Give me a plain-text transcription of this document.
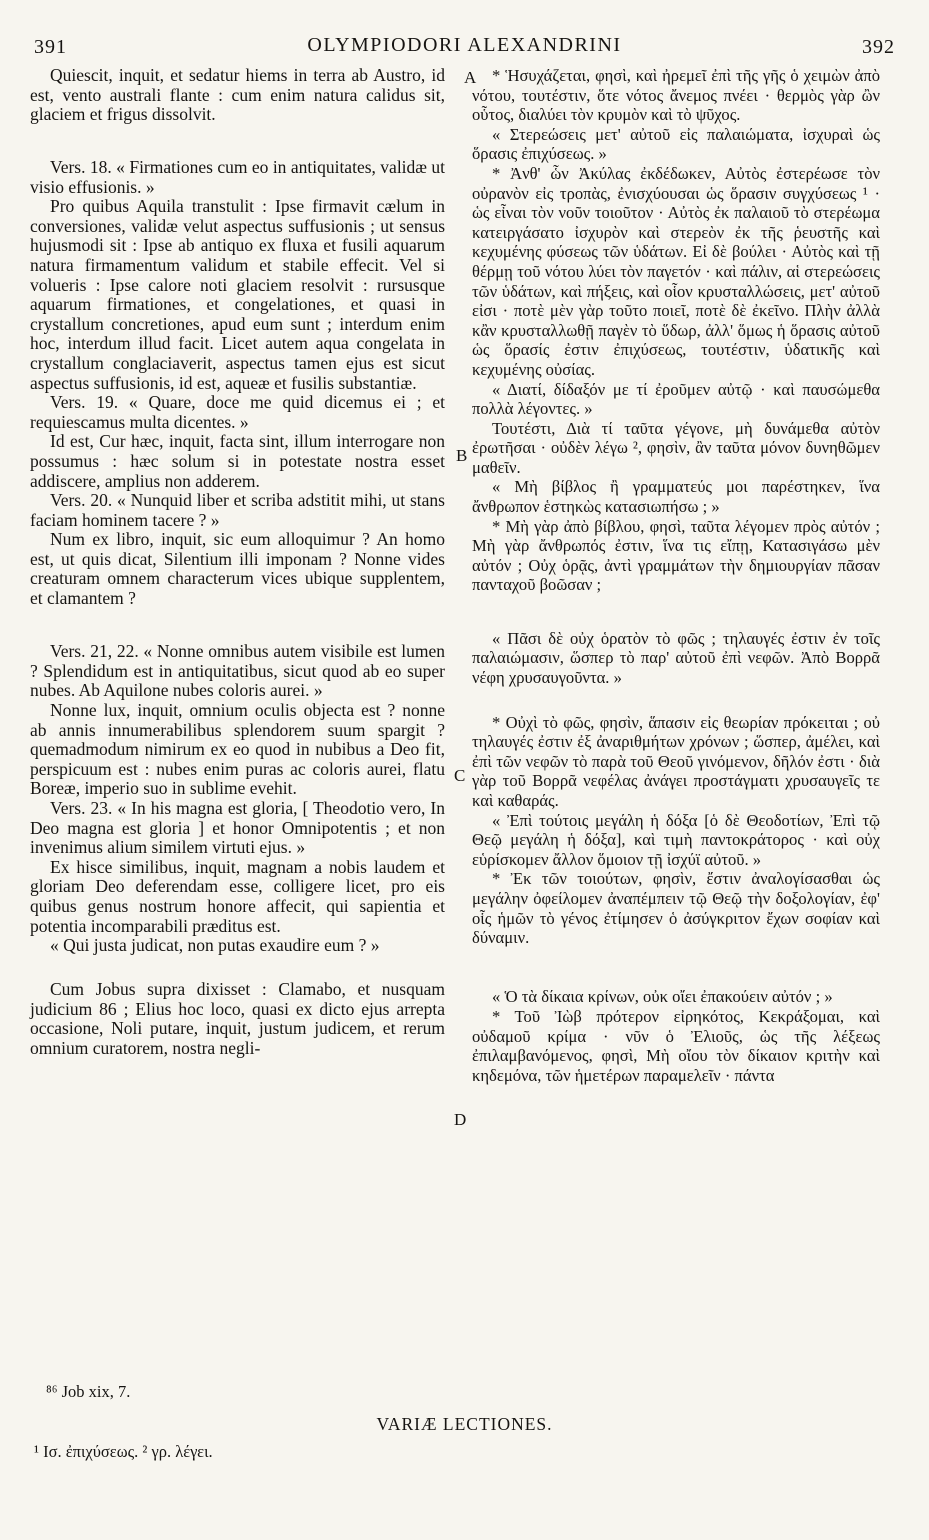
391	OLYMPIODORI ALEXANDRINI	392

Quiescit, inquit, et sedatur hiems in terra ab Austro, id est, vento australi flante : cum enim natura calidus sit, glaciem et frigus dissolvit.

Vers. 18. « Firmationes cum eo in antiquitates, validæ ut visio effusionis. »

Pro quibus Aquila transtulit : Ipse firmavit cælum in conversiones, validæ velut aspectus suffusionis ; ut sensus hujusmodi sit : Ipse ab antiquo ex fluxa et fusili aquarum natura firmamentum validum et stabile effecit. Vel si volueris : Ipse calore noti glaciem resolvit : rursusque aquarum firmationes, et congelationes, et quasi in crystallum concretiones, apud eum sunt ; interdum enim hoc, interdum illud facit. Licet autem aqua congelata in crystallum conglaciaverit, aspectus tamen ejus est sicut aspectus suffusionis, id est, aqueæ et fusilis substantiæ.

Vers. 19. « Quare, doce me quid dicemus ei ; et requiescamus multa dicentes. »

Id est, Cur hæc, inquit, facta sint, illum interrogare non possumus : hæc solum si in potestate nostra esset addiscere, amplius non adderem.

Vers. 20. « Nunquid liber et scriba adstitit mihi, ut stans faciam hominem tacere ? »

Num ex libro, inquit, sic eum alloquimur ? An homo est, ut quis dicat, Silentium illi imponam ? Nonne vides creaturam omnem characterum vices ubique supplentem, et clamantem ?

Vers. 21, 22. « Nonne omnibus autem visibile est lumen ? Splendidum est in antiquitatibus, sicut quod ab eo super nubes. Ab Aquilone nubes coloris aurei. »

Nonne lux, inquit, omnium oculis objecta est ? nonne ab annis innumerabilibus splendorem suum spargit ? quemadmodum nimirum ex eo quod in nubibus a Deo fit, perspicuum est : nubes enim puras ac coloris aurei, flatu Boreæ, imperio suo in sublime evehit.

Vers. 23. « In his magna est gloria, [ Theodotio vero, In Deo magna est gloria ] et honor Omnipotentis ; et non invenimus alium similem virtuti ejus. »

Ex hisce similibus, inquit, magnam a nobis laudem et gloriam Deo deferendam esse, colligere licet, pro eis quibus genus nostrum honore affecit, qui sapientia et potentia incomparabili præditus est.

« Qui justa judicat, non putas exaudire eum ? »

Cum Jobus supra dixisset : Clamabo, et nusquam judicium 86 ; Elius hoc loco, quasi ex dicto ejus arrepta occasione, Noli putare, inquit, justum judicem, et rerum omnium curatorem, nostra negli-

* Ἡσυχάζεται, φησὶ, καὶ ἠρεμεῖ ἐπὶ τῆς γῆς ὁ χειμὼν ἀπὸ νότου, τουτέστιν, ὅτε νότος ἄνεμος πνέει · θερμὸς γὰρ ὢν οὗτος, διαλύει τὸν κρυμὸν καὶ τὸ ψῦχος.

« Στερεώσεις μετ' αὐτοῦ εἰς παλαιώματα, ἰσχυραὶ ὡς ὅρασις ἐπιχύσεως. »

* Ἀνθ' ὧν Ἀκύλας ἐκδέδωκεν, Αὐτὸς ἐστερέωσε τὸν οὐρανὸν εἰς τροπὰς, ἐνισχύουσαι ὡς ὅρασιν συγχύσεως ¹ · ὡς εἶναι τὸν νοῦν τοιοῦτον · Αὐτὸς ἐκ παλαιοῦ τὸ στερέωμα κατειργάσατο ἰσχυρὸν καὶ στερεὸν ἐκ τῆς ῥευστῆς καὶ κεχυμένης φύσεως τῶν ὑδάτων. Εἰ δὲ βούλει · Αὐτὸς καὶ τῇ θέρμῃ τοῦ νότου λύει τὸν παγετόν · καὶ πάλιν, αἱ στερεώσεις τῶν ὑδάτων, καὶ πήξεις, καὶ οἷον κρυσταλλώσεις, μετ' αὐτοῦ εἰσι · ποτὲ μὲν γὰρ τοῦτο ποιεῖ, ποτὲ δὲ ἐκεῖνο. Πλὴν ἀλλὰ κἂν κρυσταλλωθῇ παγὲν τὸ ὕδωρ, ἀλλ' ὅμως ἡ ὅρασις αὐτοῦ ὡς ὅρασίς ἐστιν ἐπιχύσεως, τουτέστιν, ὑδατικῆς καὶ κεχυμένης οὐσίας.

« Διατί, δίδαξόν με τί ἐροῦμεν αὐτῷ · καὶ παυσώμεθα πολλὰ λέγοντες. »

Τουτέστι, Διὰ τί ταῦτα γέγονε, μὴ δυνάμεθα αὐτὸν ἐρωτῆσαι · οὐδὲν λέγω ², φησὶν, ἂν ταῦτα μόνον δυνηθῶμεν μαθεῖν.

« Μὴ βίβλος ἢ γραμματεύς μοι παρέστηκεν, ἵνα ἄνθρωπον ἑστηκὼς κατασιωπήσω ; »

* Μὴ γὰρ ἀπὸ βίβλου, φησὶ, ταῦτα λέγομεν πρὸς αὐτόν ; Μὴ γὰρ ἄνθρωπός ἐστιν, ἵνα τις εἴπῃ, Κατασιγάσω μὲν αὐτόν ; Οὐχ ὁρᾷς, ἀντὶ γραμμάτων τὴν δημιουργίαν πᾶσαν πανταχοῦ βοῶσαν ;

« Πᾶσι δὲ οὐχ ὁρατὸν τὸ φῶς ; τηλαυγές ἐστιν ἐν τοῖς παλαιώμασιν, ὥσπερ τὸ παρ' αὐτοῦ ἐπὶ νεφῶν. Ἀπὸ Βορρᾶ νέφη χρυσαυγοῦντα. »

* Οὐχὶ τὸ φῶς, φησὶν, ἅπασιν εἰς θεωρίαν πρόκειται ; οὐ τηλαυγές ἐστιν ἐξ ἀναριθμήτων χρόνων ; ὥσπερ, ἀμέλει, καὶ ἐπὶ τῶν νεφῶν τὸ παρὰ τοῦ Θεοῦ γινόμενον, δῆλόν ἐστι · διὰ γὰρ τοῦ Βορρᾶ νεφέλας ἀνάγει προστάγματι χρυσαυγεῖς τε καὶ καθαράς.

« Ἐπὶ τούτοις μεγάλη ἡ δόξα [ὁ δὲ Θεοδοτίων, Ἐπὶ τῷ Θεῷ μεγάλη ἡ δόξα], καὶ τιμὴ παντοκράτορος · καὶ οὐχ εὑρίσκομεν ἄλλον ὅμοιον τῇ ἰσχύϊ αὐτοῦ. »

* Ἐκ τῶν τοιούτων, φησὶν, ἔστιν ἀναλογίσασθαι ὡς μεγάλην ὀφείλομεν ἀναπέμπειν τῷ Θεῷ τὴν δοξολογίαν, ἐφ' οἷς ἡμῶν τὸ γένος ἐτίμησεν ὁ ἀσύγκριτον ἔχων σοφίαν καὶ δύναμιν.

« Ὁ τὰ δίκαια κρίνων, οὐκ οἴει ἐπακούειν αὐτόν ; »

* Τοῦ Ἰὼβ πρότερον εἰρηκότος, Κεκράξομαι, καὶ οὐδαμοῦ κρίμα · νῦν ὁ Ἐλιοῦς, ὡς τῆς λέξεως ἐπιλαμβανόμενος, φησὶ, Μὴ οἴου τὸν δίκαιον κριτὴν καὶ κηδεμόνα, τῶν ἡμετέρων παραμελεῖν · πάντα

A
B
C
D
⁸⁶ Job xix, 7.
VARIÆ LECTIONES.
¹ Ισ. ἐπιχύσεως. ² γρ. λέγει.
